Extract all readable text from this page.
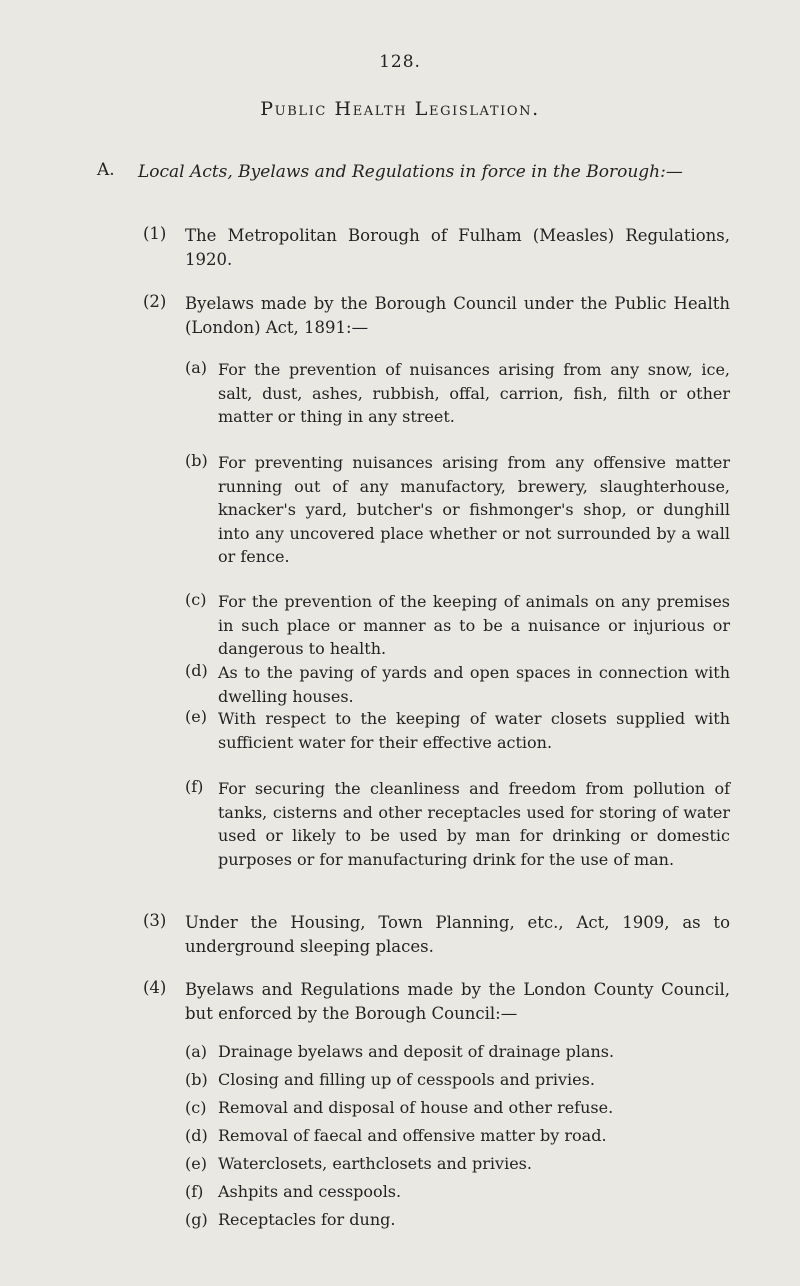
128.
Public Health Legislation.
A. Local Acts, Byelaws and Regulations in force in the Borough:—
(1) The Metropolitan Borough of Fulham (Measles) Regulations, 1920.
(2) Byelaws made by the Borough Council under the Public Health (London) Act, 1891:—
(a) For the prevention of nuisances arising from any snow, ice, salt, dust, ashes, rubbish, offal, carrion, fish, filth or other matter or thing in any street.
(b) For preventing nuisances arising from any offensive matter running out of any manufactory, brewery, slaughterhouse, knacker's yard, butcher's or fishmonger's shop, or dunghill into any uncovered place whether or not surrounded by a wall or fence.
(c) For the prevention of the keeping of animals on any premises in such place or manner as to be a nuisance or injurious or dangerous to health.
(d) As to the paving of yards and open spaces in connection with dwelling houses.
(e) With respect to the keeping of water closets supplied with sufficient water for their effective action.
(f) For securing the cleanliness and freedom from pollution of tanks, cisterns and other receptacles used for storing of water used or likely to be used by man for drinking or domestic purposes or for manufacturing drink for the use of man.
(3) Under the Housing, Town Planning, etc., Act, 1909, as to underground sleeping places.
(4) Byelaws and Regulations made by the London County Council, but enforced by the Borough Council:—
(a) Drainage byelaws and deposit of drainage plans.
(b) Closing and filling up of cesspools and privies.
(c) Removal and disposal of house and other refuse.
(d) Removal of faecal and offensive matter by road.
(e) Waterclosets, earthclosets and privies.
(f) Ashpits and cesspools.
(g) Receptacles for dung.
